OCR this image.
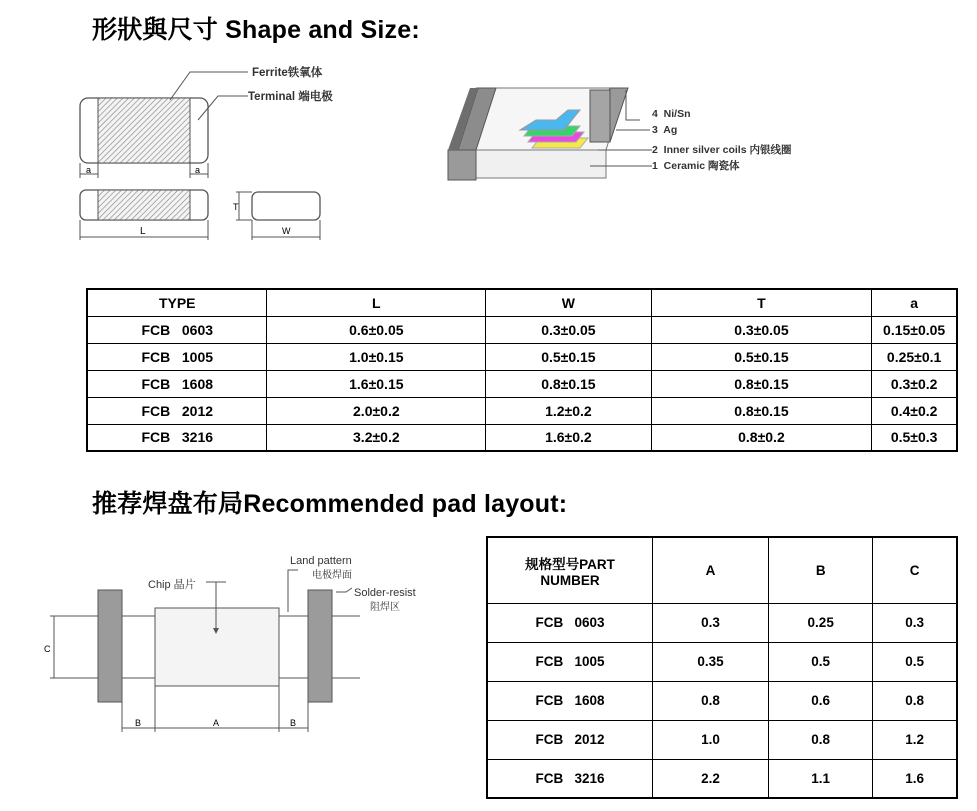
形狀與尺寸 Shape and Size:
a	a
Ferrite铁氧体
Terminal 端电极
L
T
W
4  Ni/Sn
3  Ag
2  Inner silver coils 内银线圈
1  Ceramic 陶瓷体
TYPE	L	W	T	a
FCB   0603	0.6±0.05	0.3±0.05	0.3±0.05	0.15±0.05
FCB   1005	1.0±0.15	0.5±0.15	0.5±0.15	0.25±0.1
FCB   1608	1.6±0.15	0.8±0.15	0.8±0.15	0.3±0.2
FCB   2012	2.0±0.2	1.2±0.2	0.8±0.15	0.4±0.2
FCB   3216	3.2±0.2	1.6±0.2	0.8±0.2	0.5±0.3
推荐焊盘布局Recommended pad layout:
Chip 晶片
Land pattern
电极焊面
Solder-resist
阻焊区
C
B	A	B
规格型号PART
NUMBER	A	B	C
FCB   0603	0.3	0.25	0.3
FCB   1005	0.35	0.5	0.5
FCB   1608	0.8	0.6	0.8
FCB   2012	1.0	0.8	1.2
FCB   3216	2.2	1.1	1.6
